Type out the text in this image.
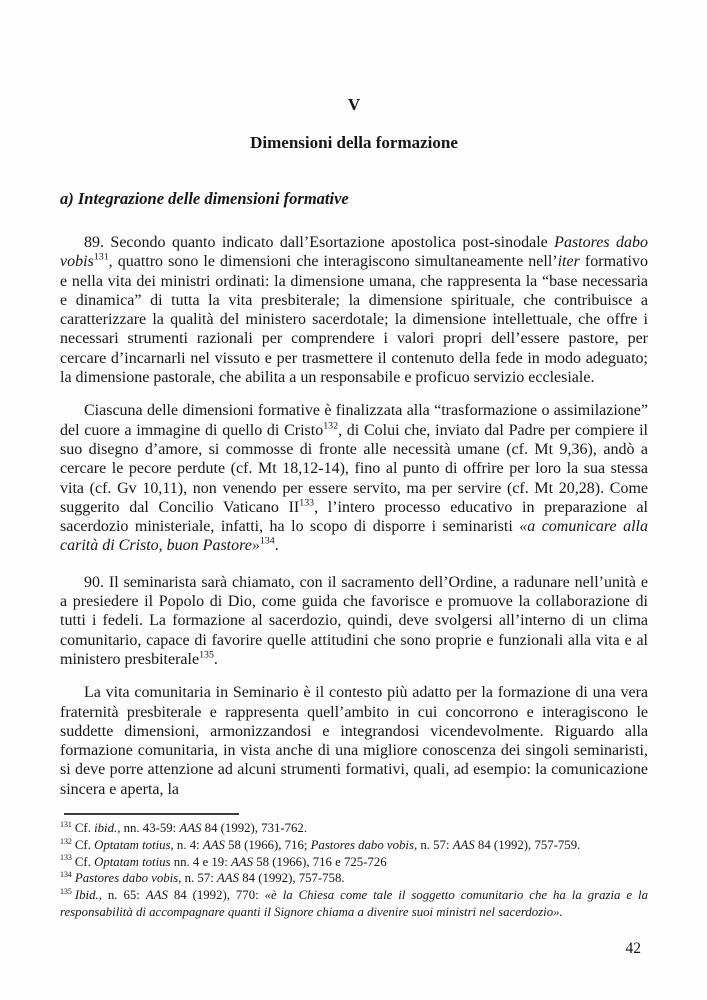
V
Dimensioni della formazione
a) Integrazione delle dimensioni formative

89. Secondo quanto indicato dall’Esortazione apostolica post-sinodale Pastores dabo vobis$^{131}$, quattro sono le dimensioni che interagiscono simultaneamente nell’iter formativo e nella vita dei ministri ordinati: la dimensione umana, che rappresenta la “base necessaria e dinamica” di tutta la vita presbiterale; la dimensione spirituale, che contribuisce a caratterizzare la qualità del ministero sacerdotale; la dimensione intellettuale, che offre i necessari strumenti razionali per comprendere i valori propri dell’essere pastore, per cercare d’incarnarli nel vissuto e per trasmettere il contenuto della fede in modo adeguato; la dimensione pastorale, che abilita a un responsabile e proficuo servizio ecclesiale.

Ciascuna delle dimensioni formative è finalizzata alla “trasformazione o assimilazione” del cuore a immagine di quello di Cristo$^{132}$, di Colui che, inviato dal Padre per compiere il suo disegno d’amore, si commosse di fronte alle necessità umane (cf. Mt 9,36), andò a cercare le pecore perdute (cf. Mt 18,12-14), fino al punto di offrire per loro la sua stessa vita (cf. Gv 10,11), non venendo per essere servito, ma per servire (cf. Mt 20,28). Come suggerito dal Concilio Vaticano II$^{133}$, l’intero processo educativo in preparazione al sacerdozio ministeriale, infatti, ha lo scopo di disporre i seminaristi «a comunicare alla carità di Cristo, buon Pastore»$^{134}$.

90. Il seminarista sarà chiamato, con il sacramento dell’Ordine, a radunare nell’unità e a presiedere il Popolo di Dio, come guida che favorisce e promuove la collaborazione di tutti i fedeli. La formazione al sacerdozio, quindi, deve svolgersi all’interno di un clima comunitario, capace di favorire quelle attitudini che sono proprie e funzionali alla vita e al ministero presbiterale$^{135}$.

La vita comunitaria in Seminario è il contesto più adatto per la formazione di una vera fraternità presbiterale e rappresenta quell’ambito in cui concorrono e interagiscono le suddette dimensioni, armonizzandosi e integrandosi vicendevolmente. Riguardo alla formazione comunitaria, in vista anche di una migliore conoscenza dei singoli seminaristi, si deve porre attenzione ad alcuni strumenti formativi, quali, ad esempio: la comunicazione sincera e aperta, la

$^{131}$ Cf. ibid., nn. 43-59: AAS 84 (1992), 731-762.
$^{132}$ Cf. Optatam totius, n. 4: AAS 58 (1966), 716; Pastores dabo vobis, n. 57: AAS 84 (1992), 757-759.
$^{133}$ Cf. Optatam totius nn. 4 e 19: AAS 58 (1966), 716 e 725-726
$^{134}$ Pastores dabo vobis, n. 57: AAS 84 (1992), 757-758.
$^{135}$ Ibid., n. 65: AAS 84 (1992), 770: «è la Chiesa come tale il soggetto comunitario che ha la grazia e la responsabilità di accompagnare quanti il Signore chiama a divenire suoi ministri nel sacerdozio».
42
